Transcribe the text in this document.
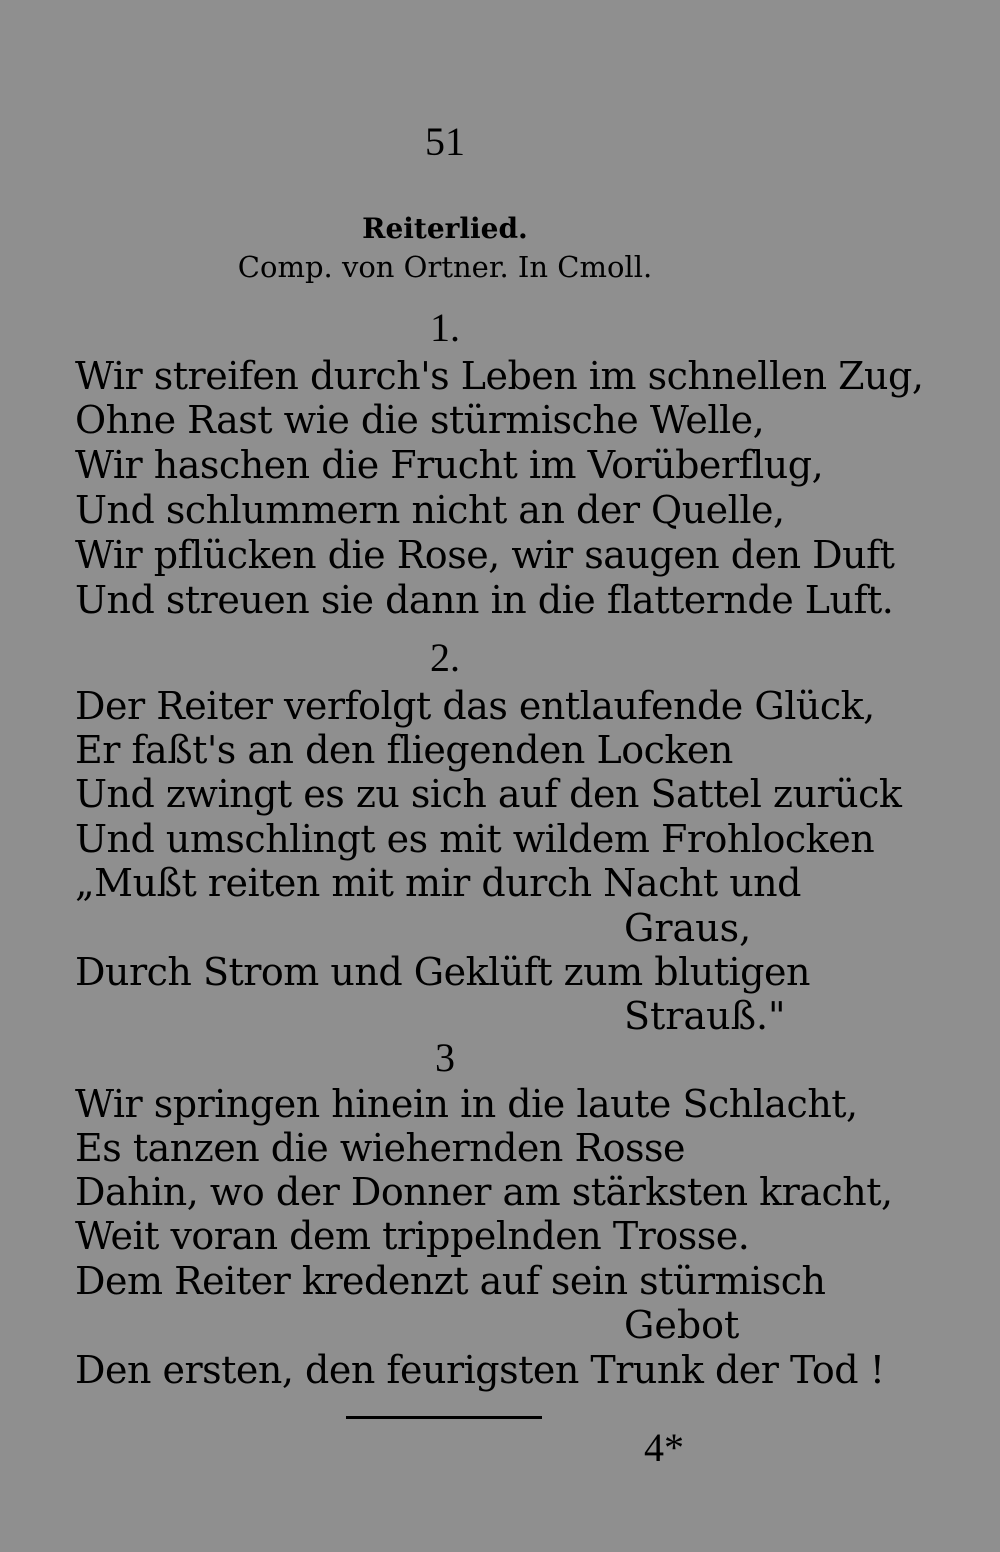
51
Reiterlied.
Comp. von Ortner. In Cmoll.
1.
Wir streifen durch's Leben im schnellen Zug,
Ohne Rast wie die stürmische Welle,
Wir haschen die Frucht im Vorüberflug,
Und schlummern nicht an der Quelle,
Wir pflücken die Rose, wir saugen den Duft
Und streuen sie dann in die flatternde Luft.
2.
Der Reiter verfolgt das entlaufende Glück,
Er faßt's an den fliegenden Locken
Und zwingt es zu sich auf den Sattel zurück
Und umschlingt es mit wildem Frohlocken
„Mußt reiten mit mir durch Nacht und
Graus,
Durch Strom und Geklüft zum blutigen
Strauß."
3
Wir springen hinein in die laute Schlacht,
Es tanzen die wiehernden Rosse
Dahin, wo der Donner am stärksten kracht,
Weit voran dem trippelnden Trosse.
Dem Reiter kredenzt auf sein stürmisch
Gebot
Den ersten, den feurigsten Trunk der Tod !
4*
